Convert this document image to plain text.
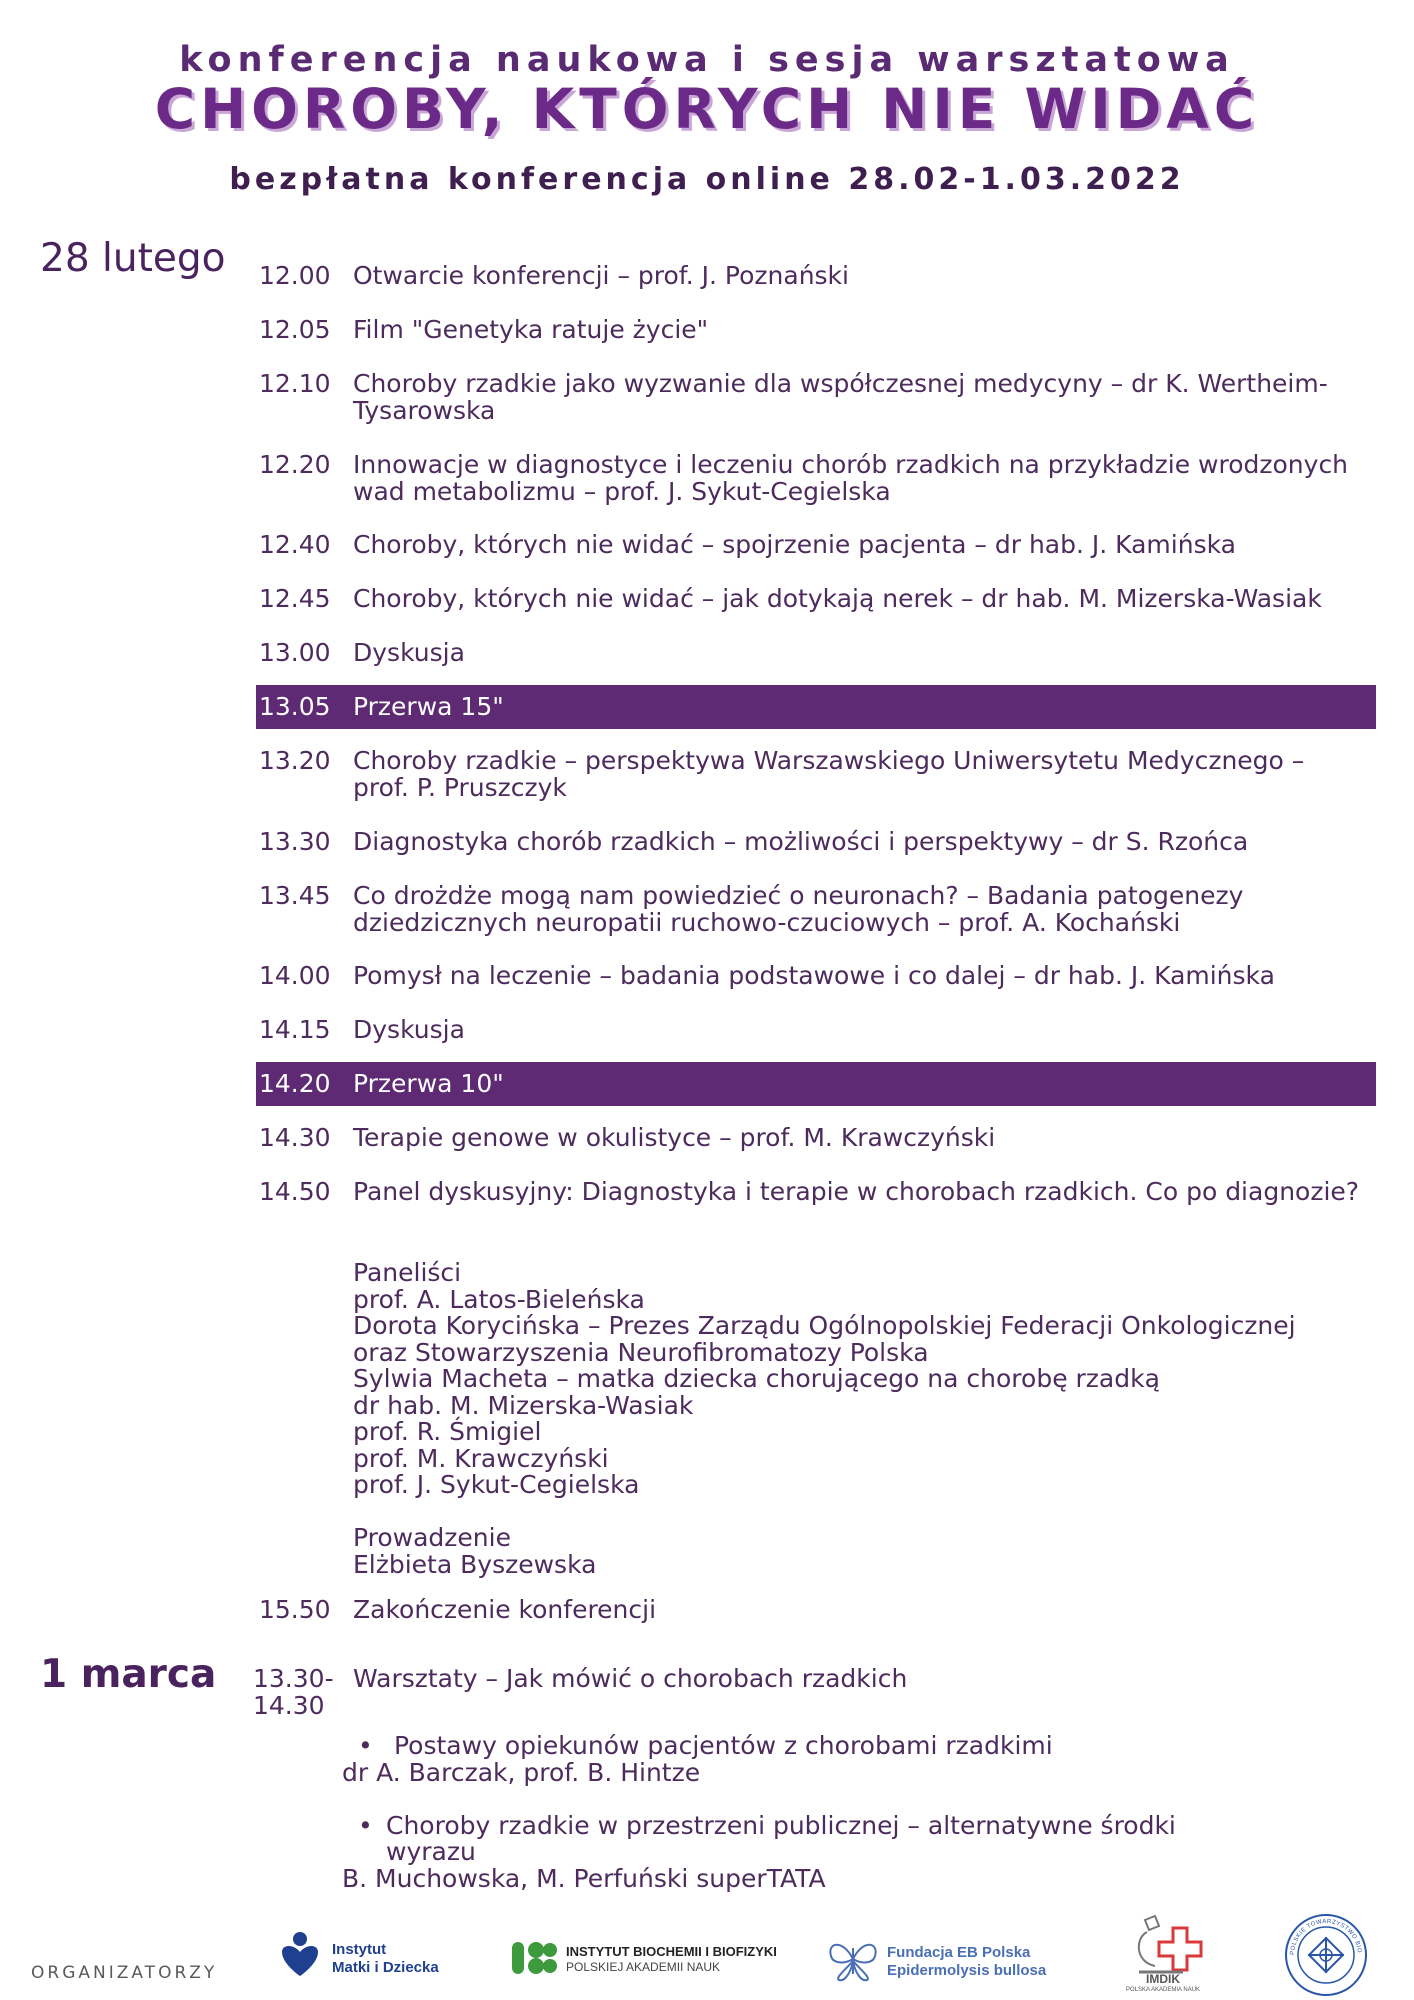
konferencja naukowa i sesja warsztatowa
CHOROBY, KTÓRYCH NIE WIDAĆ
bezpłatna konferencja online 28.02-1.03.2022
28 lutego 12.00 Otwarcie konferencji – prof. J. Poznański
12.05 Film "Genetyka ratuje życie"
12.10 Choroby rzadkie jako wyzwanie dla współczesnej medycyny – dr K. Wertheim-Tysarowska
12.20 Innowacje w diagnostyce i leczeniu chorób rzadkich na przykładzie wrodzonych wad metabolizmu – prof. J. Sykut-Cegielska
12.40 Choroby, których nie widać – spojrzenie pacjenta – dr hab. J. Kamińska
12.45 Choroby, których nie widać – jak dotykają nerek – dr hab. M. Mizerska-Wasiak
13.00 Dyskusja
13.05 Przerwa 15"
13.20 Choroby rzadkie – perspektywa Warszawskiego Uniwersytetu Medycznego – prof. P. Pruszczyk
13.30 Diagnostyka chorób rzadkich – możliwości i perspektywy – dr S. Rzońca
13.45 Co drożdże mogą nam powiedzieć o neuronach? – Badania patogenezy dziedzicznych neuropatii ruchowo-czuciowych – prof. A. Kochański
14.00 Pomysł na leczenie – badania podstawowe i co dalej – dr hab. J. Kamińska
14.15 Dyskusja
14.20 Przerwa 10"
14.30 Terapie genowe w okulistyce – prof. M. Krawczyński
14.50 Panel dyskusyjny: Diagnostyka i terapie w chorobach rzadkich. Co po diagnozie?
Paneliści
prof. A. Latos-Bieleńska
Dorota Korycińska – Prezes Zarządu Ogólnopolskiej Federacji Onkologicznej
oraz Stowarzyszenia Neurofibromatozy Polska
Sylwia Macheta – matka dziecka chorującego na chorobę rzadką
dr hab. M. Mizerska-Wasiak
prof. R. Śmigiel
prof. M. Krawczyński
prof. J. Sykut-Cegielska
Prowadzenie
Elżbieta Byszewska
15.50 Zakończenie konferencji
1 marca 13.30-
14.30
Warsztaty – Jak mówić o chorobach rzadkich
• Postawy opiekunów pacjentów z chorobami rzadkimi
dr A. Barczak, prof. B. Hintze
• Choroby rzadkie w przestrzeni publicznej – alternatywne środki
wyrazu
B. Muchowska, M. Perfuński superTATA
ORGANIZATORZY
Instytut
Matki i Dziecka
INSTYTUT BIOCHEMII I BIOFIZYKI
POLSKIEJ AKADEMII NAUK
Fundacja EB Polska
Epidermolysis bullosa	IMDIK
POLSKA AKADEMIA NAUK
POLSKIE TOWARZYSTWO BIO
